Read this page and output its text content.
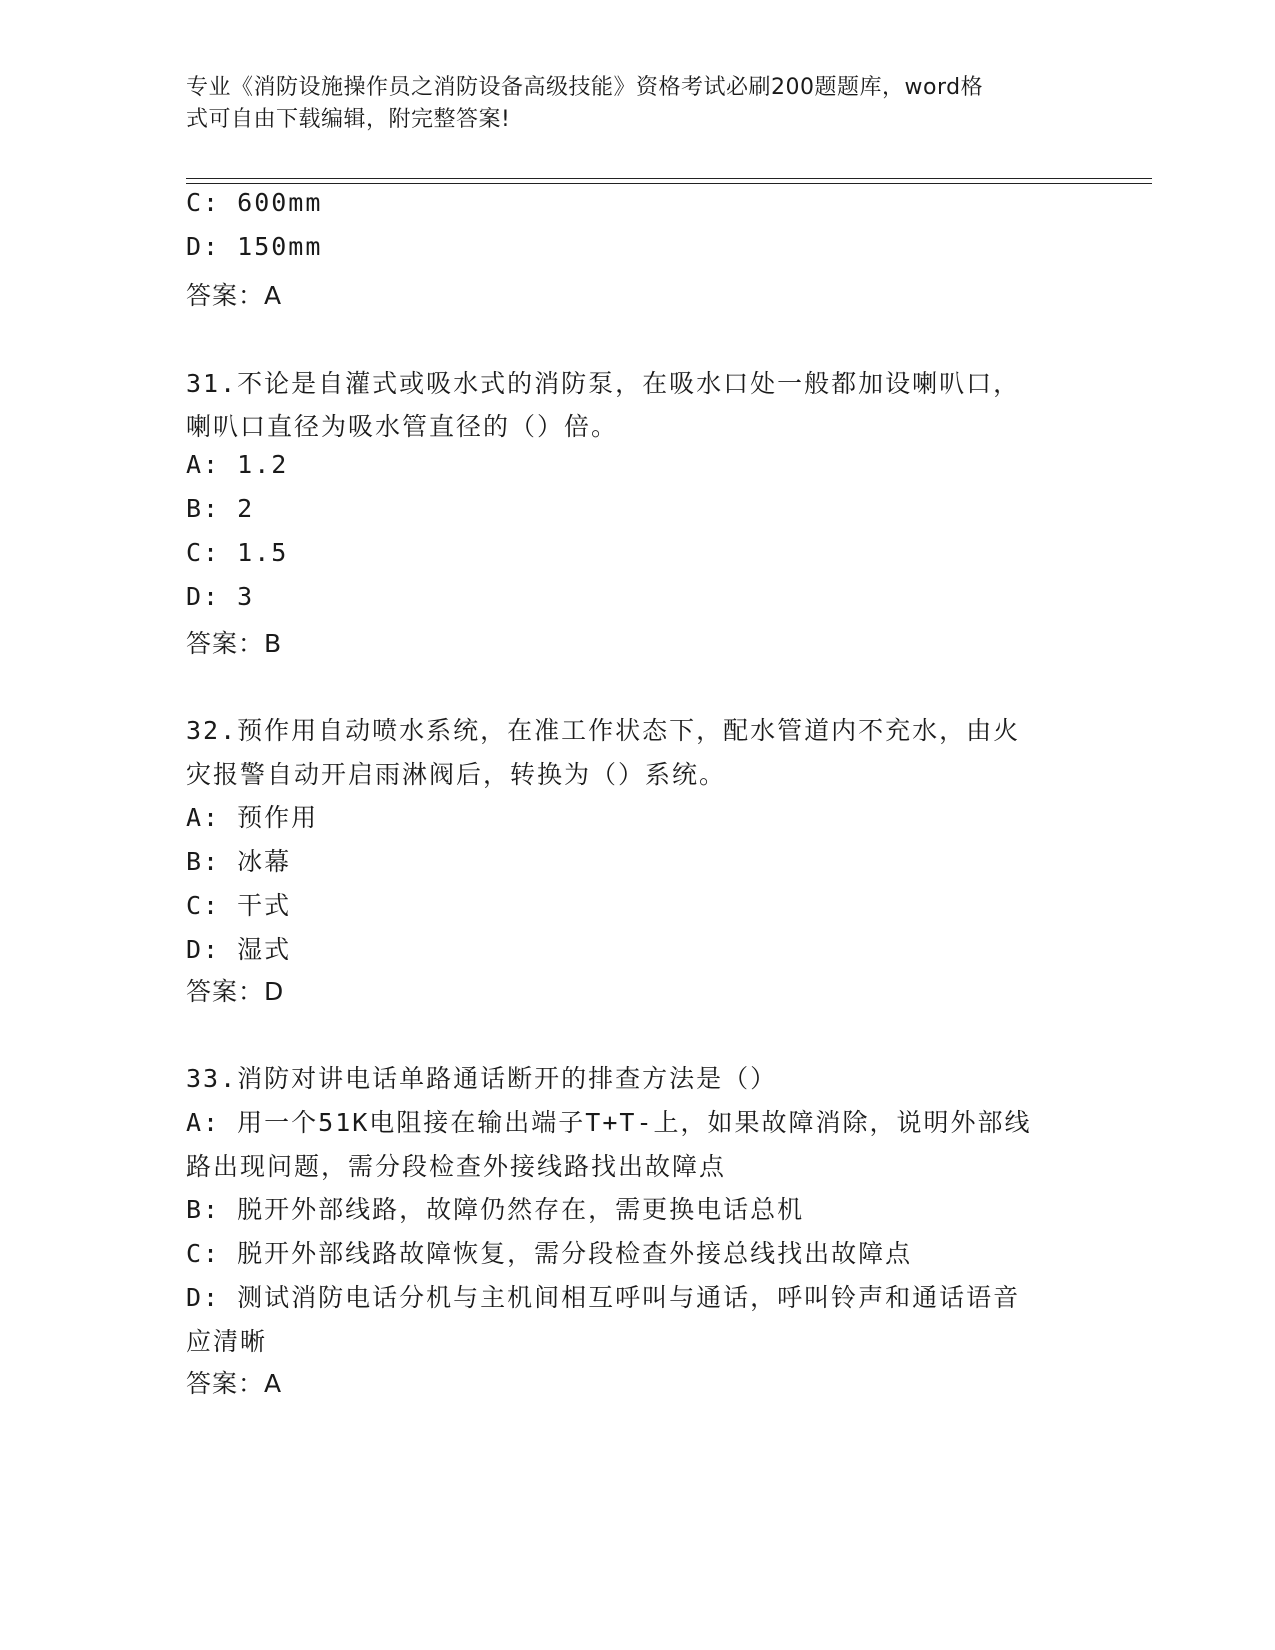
专业《消防设施操作员之消防设备高级技能》资格考试必刷200题题库，word格
式可自由下载编辑，附完整答案!
C: 600mm
D: 150mm
答案：A
31.不论是自灌式或吸水式的消防泵，在吸水口处一般都加设喇叭口，
喇叭口直径为吸水管直径的（）倍。
A: 1.2
B: 2
C: 1.5
D: 3
答案：B
32.预作用自动喷水系统，在准工作状态下，配水管道内不充水，由火
灾报警自动开启雨淋阀后，转换为（）系统。
A: 预作用
B: 冰幕
C: 干式
D: 湿式
答案：D
33.消防对讲电话单路通话断开的排查方法是（）
A: 用一个51K电阻接在输出端子T+T-上，如果故障消除，说明外部线
路出现问题，需分段检查外接线路找出故障点
B: 脱开外部线路，故障仍然存在，需更换电话总机
C: 脱开外部线路故障恢复，需分段检查外接总线找出故障点
D: 测试消防电话分机与主机间相互呼叫与通话，呼叫铃声和通话语音
应清晰
答案：A
